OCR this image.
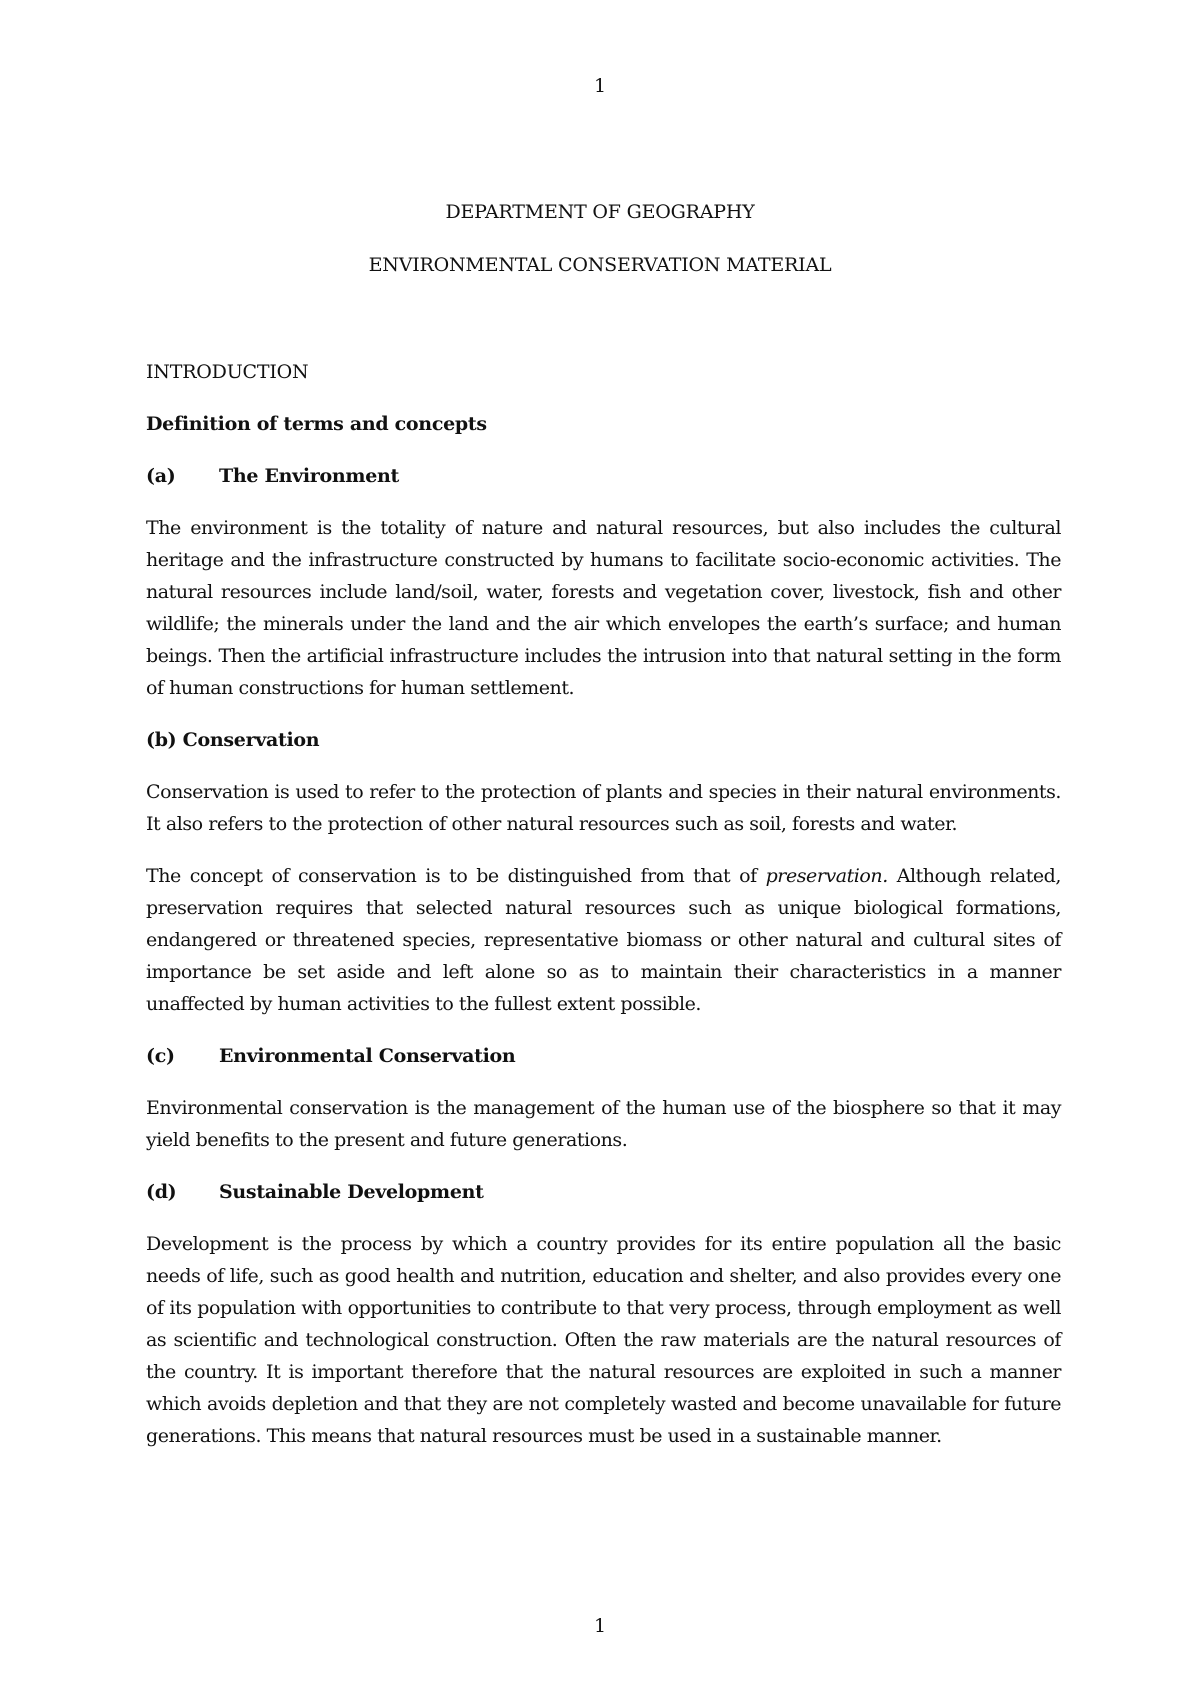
1
DEPARTMENT OF GEOGRAPHY
ENVIRONMENTAL CONSERVATION MATERIAL
INTRODUCTION
Definition of terms and concepts
(a)	The Environment

The environment is the totality of nature and natural resources, but also includes the cultural heritage and the infrastructure constructed by humans to facilitate socio-economic activities. The natural resources include land/soil, water, forests and vegetation cover, livestock, fish and other wildlife; the minerals under the land and the air which envelopes the earth’s surface; and human beings. Then the artificial infrastructure includes the intrusion into that natural setting in the form of human constructions for human settlement.

(b) Conservation

Conservation is used to refer to the protection of plants and species in their natural environments. It also refers to the protection of other natural resources such as soil, forests and water.

The concept of conservation is to be distinguished from that of preservation. Although related, preservation requires that selected natural resources such as unique biological formations, endangered or threatened species, representative biomass or other natural and cultural sites of importance be set aside and left alone so as to maintain their characteristics in a manner unaffected by human activities to the fullest extent possible.

(c)	Environmental Conservation

Environmental conservation is the management of the human use of the biosphere so that it may yield benefits to the present and future generations.

(d)	Sustainable Development

Development is the process by which a country provides for its entire population all the basic needs of life, such as good health and nutrition, education and shelter, and also provides every one of its population with opportunities to contribute to that very process, through employment as well as scientific and technological construction. Often the raw materials are the natural resources of the country. It is important therefore that the natural resources are exploited in such a manner which avoids depletion and that they are not completely wasted and become unavailable for future generations. This means that natural resources must be used in a sustainable manner.

1
